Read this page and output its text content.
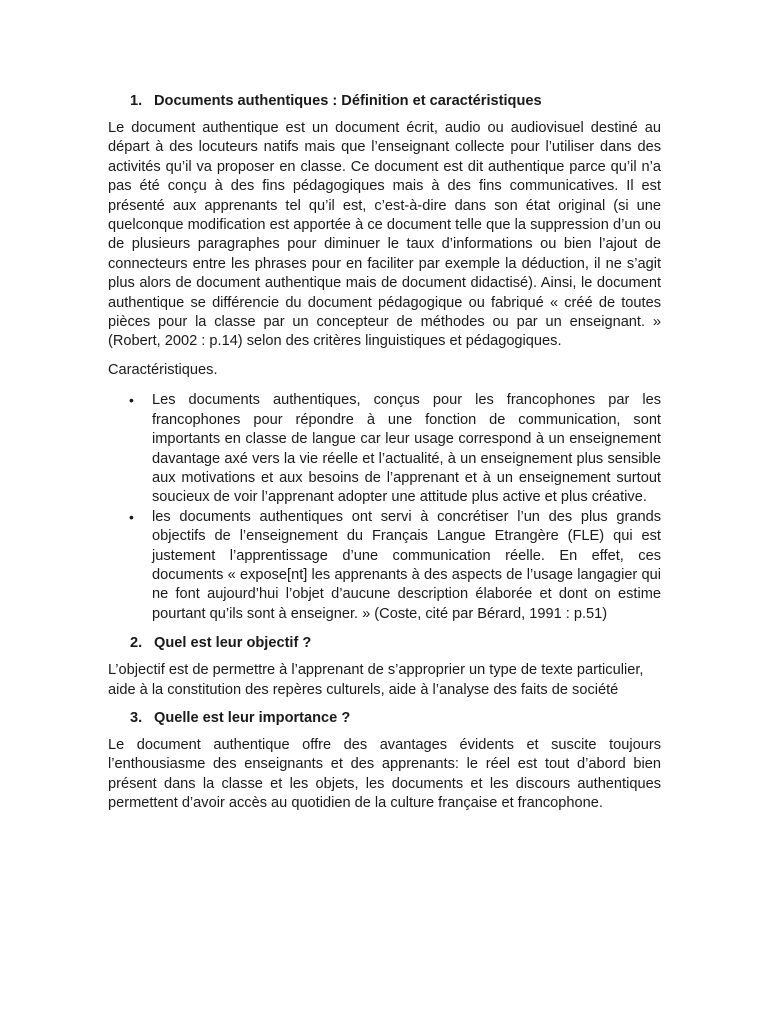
1. Documents authentiques : Définition et caractéristiques

Le document authentique est un document écrit, audio ou audiovisuel destiné au départ à des locuteurs natifs mais que l’enseignant collecte pour l’utiliser dans des activités qu’il va proposer en classe. Ce document est dit authentique parce qu’il n’a pas été conçu à des fins pédagogiques mais à des fins communicatives. Il est présenté aux apprenants tel qu’il est, c’est-à-dire dans son état original (si une quelconque modification est apportée à ce document telle que la suppression d’un ou de plusieurs paragraphes pour diminuer le taux d’informations ou bien l’ajout de connecteurs entre les phrases pour en faciliter par exemple la déduction, il ne s’agit plus alors de document authentique mais de document didactisé). Ainsi, le document authentique se différencie du document pédagogique ou fabriqué « créé de toutes pièces pour la classe par un concepteur de méthodes ou par un enseignant. » (Robert, 2002 : p.14) selon des critères linguistiques et pédagogiques.

Caractéristiques.

• Les documents authentiques, conçus pour les francophones par les francophones pour répondre à une fonction de communication, sont importants en classe de langue car leur usage correspond à un enseignement davantage axé vers la vie réelle et l’actualité, à un enseignement plus sensible aux motivations et aux besoins de l’apprenant et à un enseignement surtout soucieux de voir l’apprenant adopter une attitude plus active et plus créative.
• les documents authentiques ont servi à concrétiser l’un des plus grands objectifs de l’enseignement du Français Langue Etrangère (FLE) qui est justement l’apprentissage d’une communication réelle. En effet, ces documents « expose[nt] les apprenants à des aspects de l’usage langagier qui ne font aujourd’hui l’objet d’aucune description élaborée et dont on estime pourtant qu’ils sont à enseigner. » (Coste, cité par Bérard, 1991 : p.51)
2. Quel est leur objectif ?

L’objectif est de permettre à l’apprenant de s’approprier un type de texte particulier, aide à la constitution des repères culturels, aide à l’analyse des faits de société

3. Quelle est leur importance ?

Le document authentique offre des avantages évidents et suscite toujours l’enthousiasme des enseignants et des apprenants: le réel est tout d’abord bien présent dans la classe et les objets, les documents et les discours authentiques permettent d’avoir accès au quotidien de la culture française et francophone.
